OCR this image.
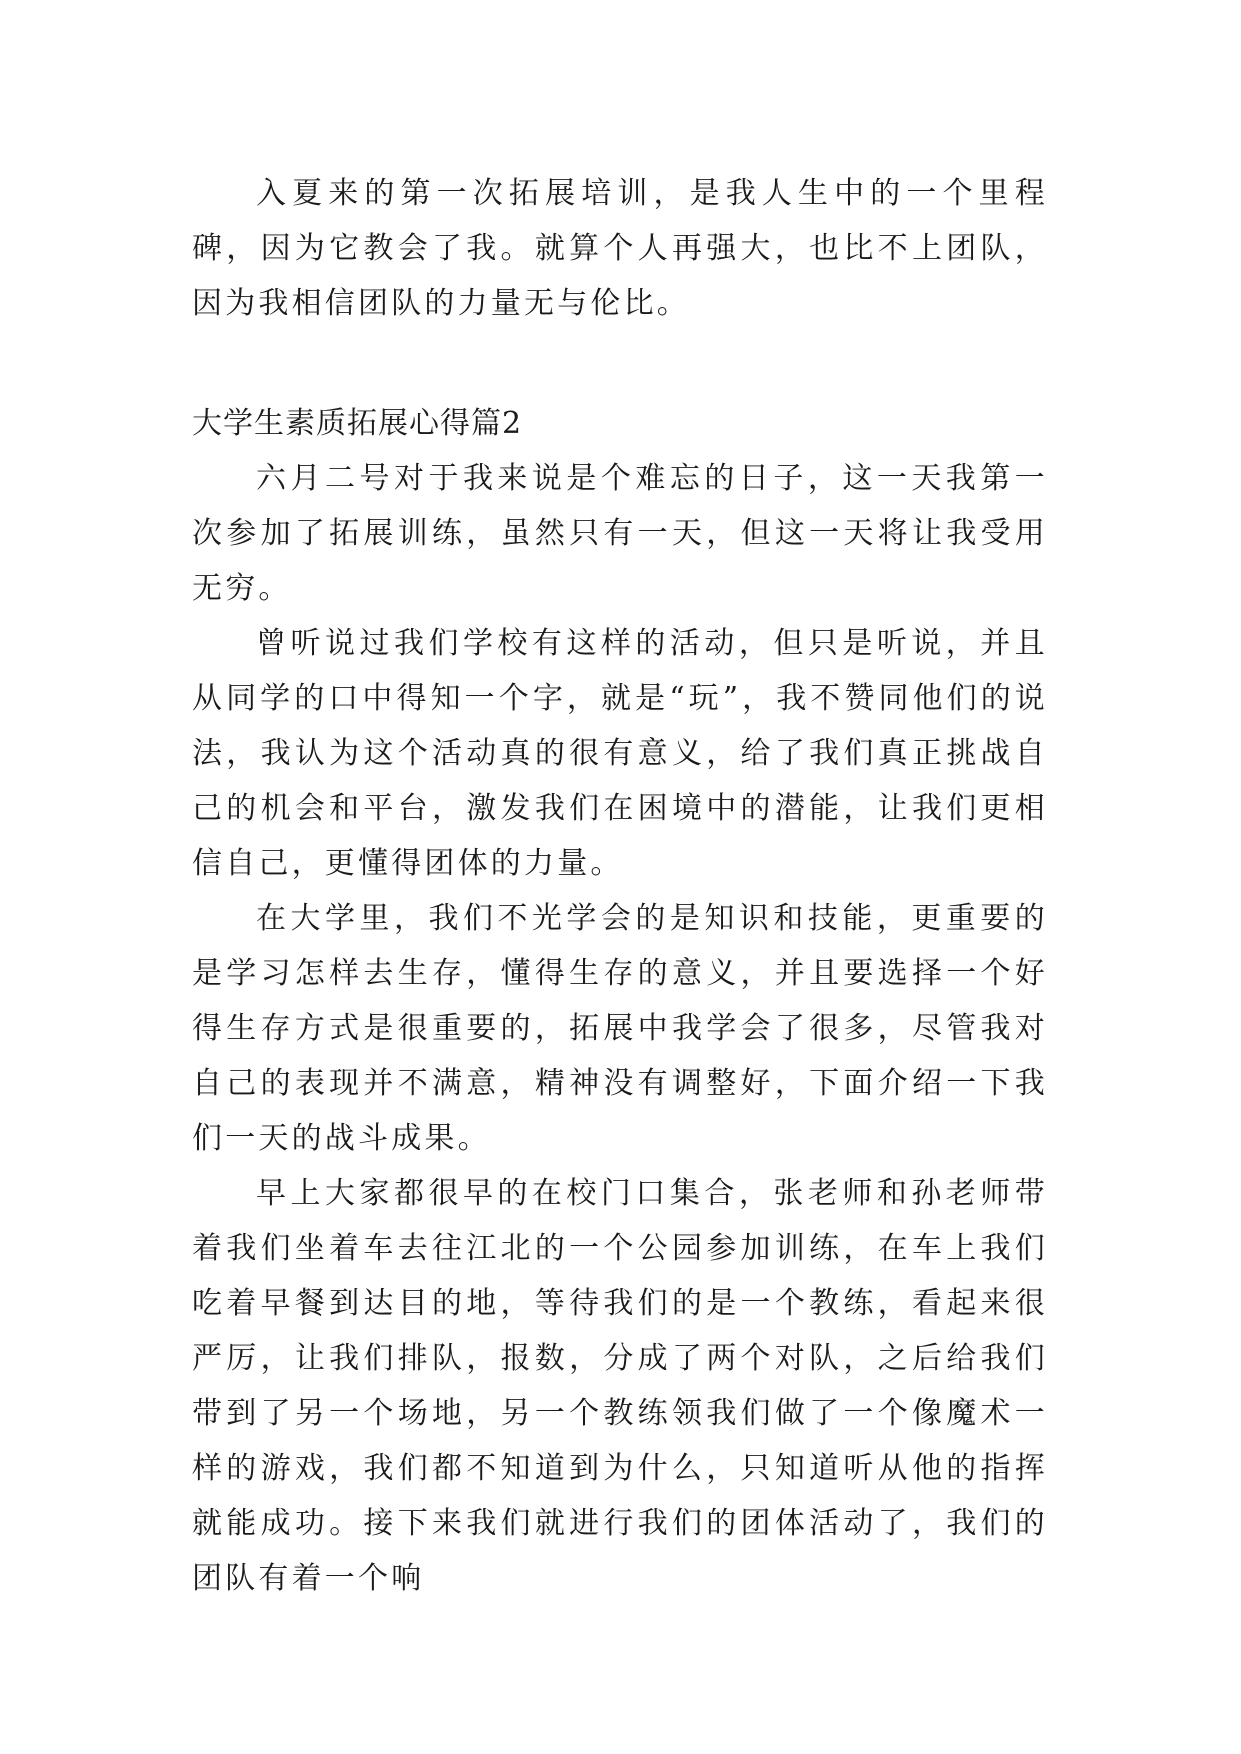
入夏来的第一次拓展培训，是我人生中的一个里程碑，因为它教会了我。就算个人再强大，也比不上团队，因为我相信团队的力量无与伦比。

大学生素质拓展心得篇2

六月二号对于我来说是个难忘的日子，这一天我第一次参加了拓展训练，虽然只有一天，但这一天将让我受用无穷。

曾听说过我们学校有这样的活动，但只是听说，并且从同学的口中得知一个字，就是“玩”，我不赞同他们的说法，我认为这个活动真的很有意义，给了我们真正挑战自己的机会和平台，激发我们在困境中的潜能，让我们更相信自己，更懂得团体的力量。

在大学里，我们不光学会的是知识和技能，更重要的是学习怎样去生存，懂得生存的意义，并且要选择一个好得生存方式是很重要的，拓展中我学会了很多，尽管我对自己的表现并不满意，精神没有调整好，下面介绍一下我们一天的战斗成果。

早上大家都很早的在校门口集合，张老师和孙老师带着我们坐着车去往江北的一个公园参加训练，在车上我们吃着早餐到达目的地，等待我们的是一个教练，看起来很严厉，让我们排队，报数，分成了两个对队，之后给我们带到了另一个场地，另一个教练领我们做了一个像魔术一样的游戏，我们都不知道到为什么，只知道听从他的指挥就能成功。接下来我们就进行我们的团体活动了，我们的团队有着一个响
